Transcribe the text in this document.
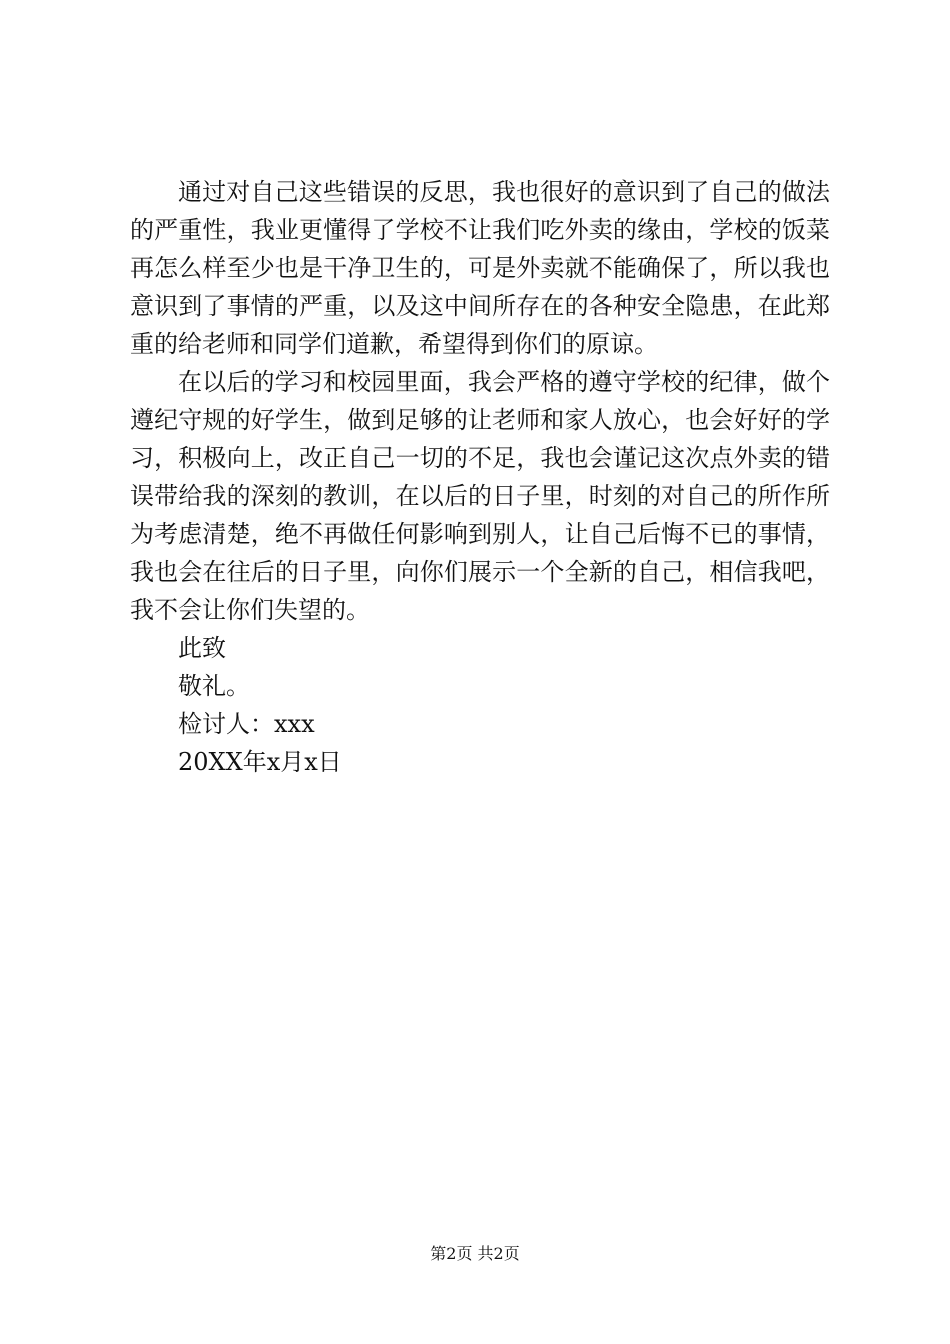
通过对自己这些错误的反思，我也很好的意识到了自己的做法的严重性，我业更懂得了学校不让我们吃外卖的缘由，学校的饭菜再怎么样至少也是干净卫生的，可是外卖就不能确保了，所以我也意识到了事情的严重，以及这中间所存在的各种安全隐患，在此郑重的给老师和同学们道歉，希望得到你们的原谅。

在以后的学习和校园里面，我会严格的遵守学校的纪律，做个遵纪守规的好学生，做到足够的让老师和家人放心，也会好好的学习，积极向上，改正自己一切的不足，我也会谨记这次点外卖的错误带给我的深刻的教训，在以后的日子里，时刻的对自己的所作所为考虑清楚，绝不再做任何影响到别人，让自己后悔不已的事情，我也会在往后的日子里，向你们展示一个全新的自己，相信我吧，我不会让你们失望的。

此致

敬礼。

检讨人：xxx

20XX年x月x日

第2页 共2页
